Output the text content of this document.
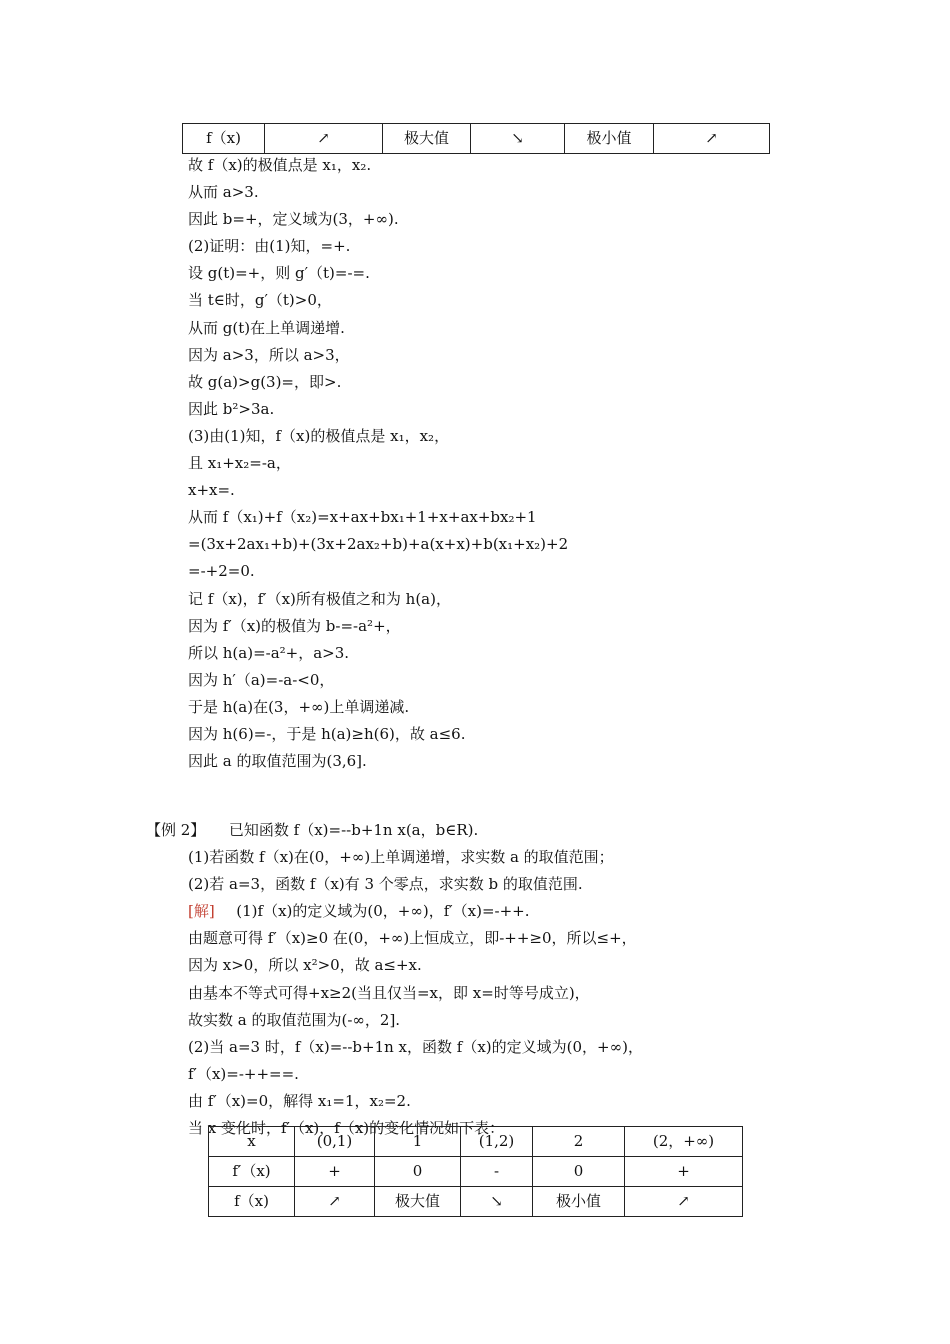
f（x)	↗	极大值	↘	极小值	↗
故 f（x)的极值点是 x₁，x₂.
从而 a>3.
因此 b=+，定义域为(3，+∞).
(2)证明：由(1)知，=+.
设 g(t)=+，则 g′（t)=-=.
当 t∈时，g′（t)>0，
从而 g(t)在上单调递增.
因为 a>3，所以 a>3，
故 g(a)>g(3)=，即>.
因此 b²>3a.
(3)由(1)知，f（x)的极值点是 x₁，x₂，
且 x₁+x₂=-a，
x+x=.
从而 f（x₁)+f（x₂)=x+ax+bx₁+1+x+ax+bx₂+1
=(3x+2ax₁+b)+(3x+2ax₂+b)+a(x+x)+b(x₁+x₂)+2
=-+2=0.
记 f（x)，f′（x)所有极值之和为 h(a)，
因为 f′（x)的极值为 b-=-a²+，
所以 h(a)=-a²+，a>3.
因为 h′（a)=-a-<0，
于是 h(a)在(3，+∞)上单调递减.
因为 h(6)=-，于是 h(a)≥h(6)，故 a≤6.
因此 a 的取值范围为(3,6].
【例 2】 已知函数 f（x)=--b+1n x(a，b∈R).
(1)若函数 f（x)在(0，+∞)上单调递增，求实数 a 的取值范围；
(2)若 a=3，函数 f（x)有 3 个零点，求实数 b 的取值范围.
[解] (1)f（x)的定义域为(0，+∞)，f′（x)=-++.
由题意可得 f′（x)≥0 在(0，+∞)上恒成立，即-++≥0，所以≤+，
因为 x>0，所以 x²>0，故 a≤+x.
由基本不等式可得+x≥2(当且仅当=x，即 x=时等号成立)，
故实数 a 的取值范围为(-∞，2].
(2)当 a=3 时，f（x)=--b+1n x，函数 f（x)的定义域为(0，+∞)，
f′（x)=-++==.
由 f′（x)=0，解得 x₁=1，x₂=2.
当 x 变化时，f′（x)，f（x)的变化情况如下表：
x	(0,1)	1	(1,2)	2	(2，+∞)
f′（x)	+	0	-	0	+
f（x)	↗	极大值	↘	极小值	↗
